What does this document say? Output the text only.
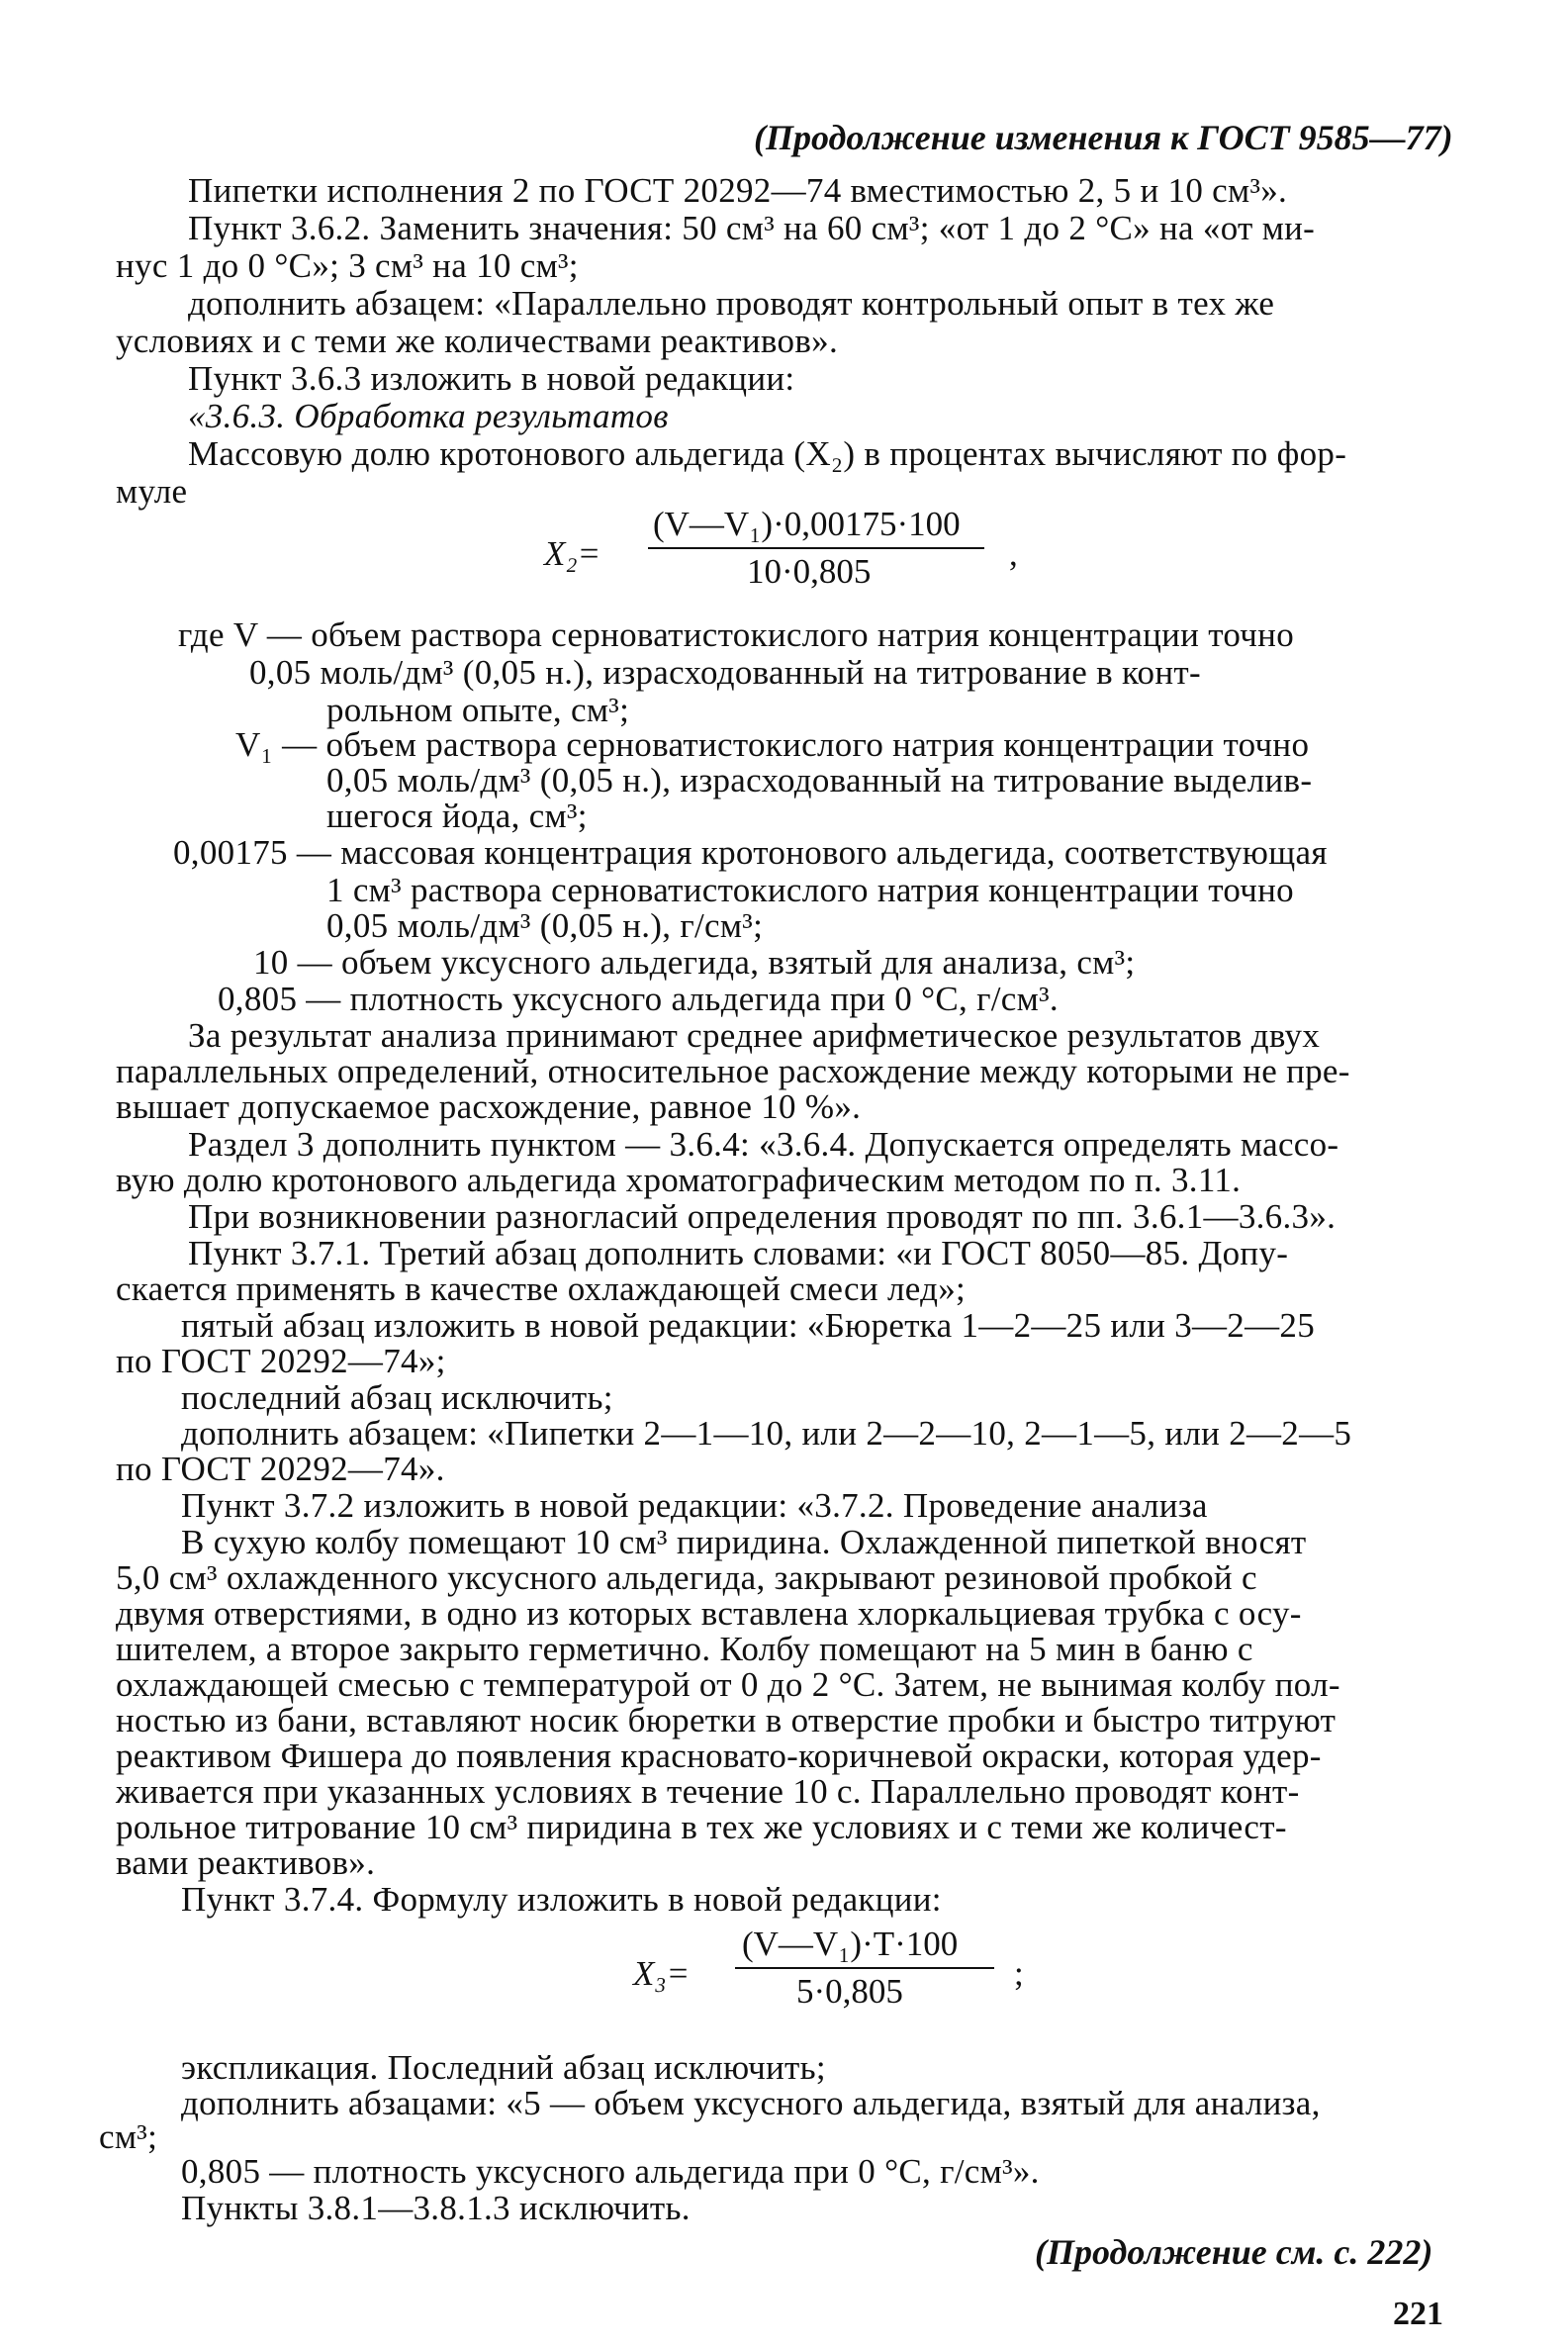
(Продолжение изменения к ГОСТ 9585—77)
Пипетки исполнения 2 по ГОСТ 20292—74 вместимостью 2, 5 и 10 см³».
Пункт 3.6.2. Заменить значения: 50 см³ на 60 см³; «от 1 до 2 °С» на «от ми-
нус 1 до 0 °С»; 3 см³ на 10 см³;
дополнить абзацем: «Параллельно проводят контрольный опыт в тех же
условиях и с теми же количествами реактивов».
Пункт 3.6.3 изложить в новой редакции:
«3.6.3. Обработка результатов
Массовую долю кротонового альдегида (X₂) в процентах вычисляют по фор-
муле
X₂=
(V—V₁)·0,00175·100
10·0,805	,
где V — объем раствора серноватистокислого натрия концентрации точно
0,05 моль/дм³ (0,05 н.), израсходованный на титрование в конт-
рольном опыте, см³;
V₁ — объем раствора серноватистокислого натрия концентрации точно
0,05 моль/дм³ (0,05 н.), израсходованный на титрование выделив-
шегося йода, см³;
0,00175 — массовая концентрация кротонового альдегида, соответствующая
1 см³ раствора серноватистокислого натрия концентрации точно
0,05 моль/дм³ (0,05 н.), г/см³;
10 — объем уксусного альдегида, взятый для анализа, см³;
0,805 — плотность уксусного альдегида при 0 °С, г/см³.
За результат анализа принимают среднее арифметическое результатов двух
параллельных определений, относительное расхождение между которыми не пре-
вышает допускаемое расхождение, равное 10 %».
Раздел 3 дополнить пунктом — 3.6.4: «3.6.4. Допускается определять массо-
вую долю кротонового альдегида хроматографическим методом по п. 3.11.
При возникновении разногласий определения проводят по пп. 3.6.1—3.6.3».
Пункт 3.7.1. Третий абзац дополнить словами: «и ГОСТ 8050—85. Допу-
скается применять в качестве охлаждающей смеси лед»;
пятый абзац изложить в новой редакции: «Бюретка 1—2—25 или 3—2—25
по ГОСТ 20292—74»;
последний абзац исключить;
дополнить абзацем: «Пипетки 2—1—10, или 2—2—10, 2—1—5, или 2—2—5
по ГОСТ 20292—74».
Пункт 3.7.2 изложить в новой редакции: «3.7.2. Проведение анализа
В сухую колбу помещают 10 см³ пиридина. Охлажденной пипеткой вносят
5,0 см³ охлажденного уксусного альдегида, закрывают резиновой пробкой с
двумя отверстиями, в одно из которых вставлена хлоркальциевая трубка с осу-
шителем, а второе закрыто герметично. Колбу помещают на 5 мин в баню с
охлаждающей смесью с температурой от 0 до 2 °С. Затем, не вынимая колбу пол-
ностью из бани, вставляют носик бюретки в отверстие пробки и быстро титруют
реактивом Фишера до появления красновато-коричневой окраски, которая удер-
живается при указанных условиях в течение 10 с. Параллельно проводят конт-
рольное титрование 10 см³ пиридина в тех же условиях и с теми же количест-
вами реактивов».
Пункт 3.7.4. Формулу изложить в новой редакции:
X₃=
(V—V₁)·T·100
5·0,805	;
экспликация. Последний абзац исключить;
дополнить абзацами: «5 — объем уксусного альдегида, взятый для анализа,
см³;
0,805 — плотность уксусного альдегида при 0 °С, г/см³».
Пункты 3.8.1—3.8.1.3 исключить.
(Продолжение см. с. 222)
221
